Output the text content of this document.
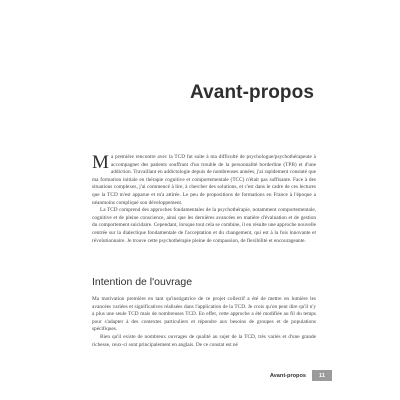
Avant-propos

Ma première rencontre avec la TCD fut suite à ma difficulté de psychologue/psychothérapeute à accompagner des patients souffrant d'un trouble de la personnalité borderline (TPB) et d'une addiction. Travaillant en addictologie depuis de nombreuses années, j'ai rapidement constaté que ma formation initiale en thérapie cognitive et comportementale (TCC) n'était pas suffisante. Face à des situations complexes, j'ai commencé à lire, à chercher des solutions, et c'est dans le cadre de ces lectures que la TCD m'est apparue et m'a attirée. Le peu de propositions de formations en France à l'époque a néanmoins compliqué son développement.

La TCD comprend des approches fondamentales de la psychothérapie, notamment comportementale, cognitive et de pleine conscience, ainsi que les dernières avancées en matière d'évaluation et de gestion du comportement suicidaire. Cependant, lorsque tout cela se combine, il en résulte une approche nouvelle centrée sur la dialectique fondamentale de l'acceptation et du changement, qui est à la fois innovante et révolutionnaire. Je trouve cette psychothérapie pleine de compassion, de flexibilité et encourageante.

Intention de l'ouvrage

Ma motivation première en tant qu'instigatrice de ce projet collectif a été de mettre en lumière les avancées variées et significatives réalisées dans l'application de la TCD. Je crois qu'on peut dire qu'il n'y a plus une seule TCD mais de nombreuses TCD. En effet, cette approche a été modifiée au fil du temps pour s'adapter à des contextes particuliers et répondre aux besoins de groupes et de populations spécifiques.

Bien qu'il existe de nombreux ouvrages de qualité au sujet de la TCD, très variés et d'une grande richesse, ceux-ci sont principalement en anglais. De ce constat est né

Avant-propos 11
